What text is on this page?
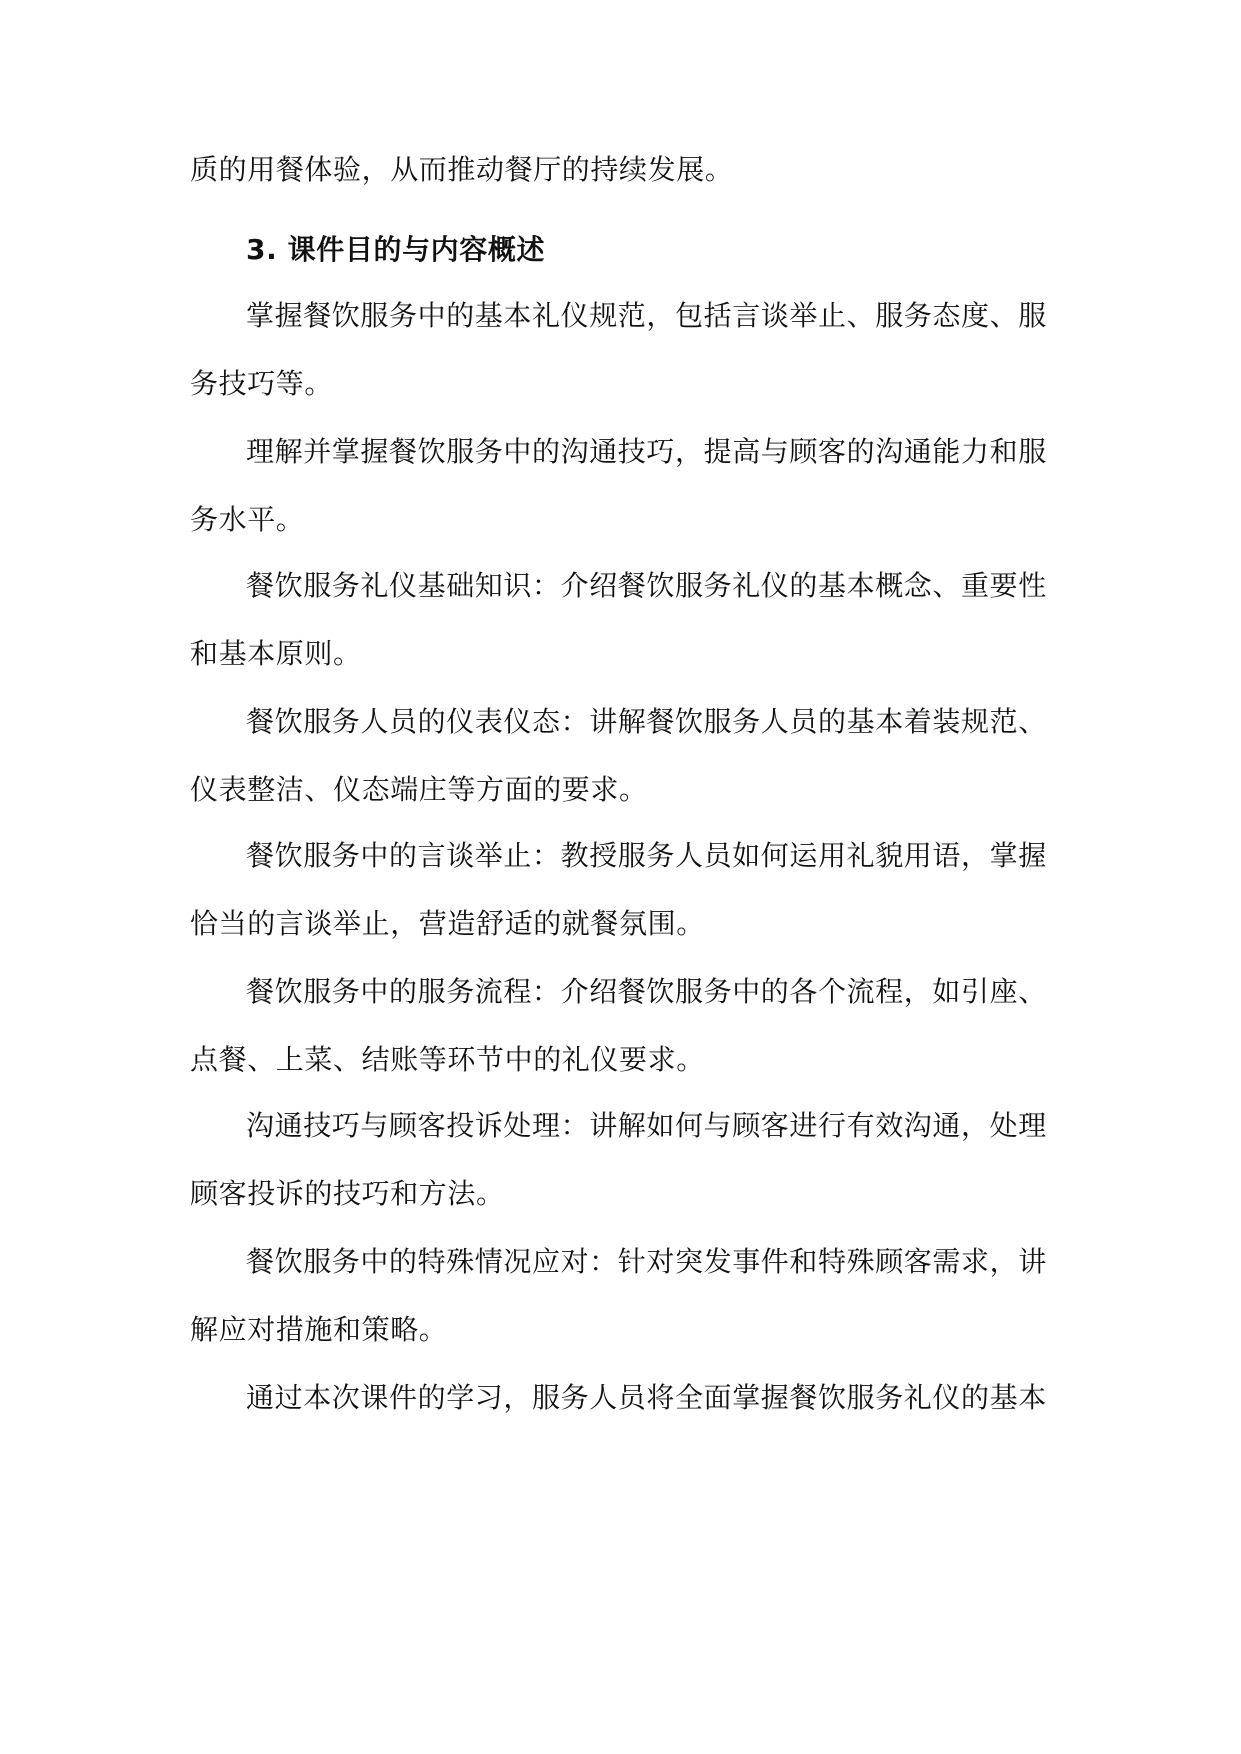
质的用餐体验，从而推动餐厅的持续发展。
3. 课件目的与内容概述
掌握餐饮服务中的基本礼仪规范，包括言谈举止、服务态度、服
务技巧等。
理解并掌握餐饮服务中的沟通技巧，提高与顾客的沟通能力和服
务水平。
餐饮服务礼仪基础知识：介绍餐饮服务礼仪的基本概念、重要性
和基本原则。
餐饮服务人员的仪表仪态：讲解餐饮服务人员的基本着装规范、
仪表整洁、仪态端庄等方面的要求。
餐饮服务中的言谈举止：教授服务人员如何运用礼貌用语，掌握
恰当的言谈举止，营造舒适的就餐氛围。
餐饮服务中的服务流程：介绍餐饮服务中的各个流程，如引座、
点餐、上菜、结账等环节中的礼仪要求。
沟通技巧与顾客投诉处理：讲解如何与顾客进行有效沟通，处理
顾客投诉的技巧和方法。
餐饮服务中的特殊情况应对：针对突发事件和特殊顾客需求，讲
解应对措施和策略。
通过本次课件的学习，服务人员将全面掌握餐饮服务礼仪的基本
